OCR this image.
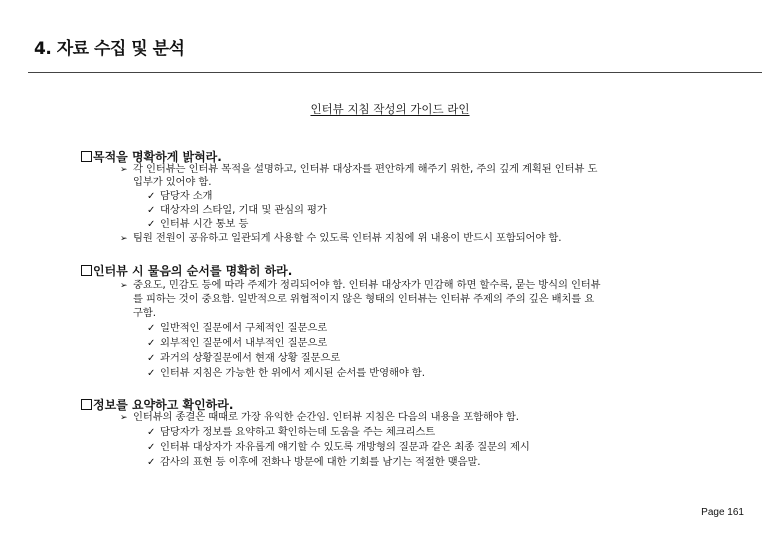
4. 자료 수집 및 분석
인터뷰 지침 작성의 가이드 라인
목적을 명확하게 밝혀라.
➢ 각 인터뷰는 인터뷰 목적을 설명하고, 인터뷰 대상자를 편안하게 해주기 위한, 주의 깊게 계획된 인터뷰 도
입부가 있어야 함.
✓ 담당자 소개
✓ 대상자의 스타일, 기대 및 관심의 평가
✓ 인터뷰 시간 통보 등
➢ 팀원 전원이 공유하고 일관되게 사용할 수 있도록 인터뷰 지침에 위 내용이 반드시 포함되어야 함.
인터뷰 시 물음의 순서를 명확히 하라.
➢ 중요도, 민감도 등에 따라 주제가 정리되어야 함. 인터뷰 대상자가 민감해 하면 할수록, 묻는 방식의 인터뷰
를 피하는 것이 중요함. 일반적으로 위협적이지 않은 형태의 인터뷰는 인터뷰 주제의 주의 깊은 배치를 요
구함.
✓ 일반적인 질문에서 구체적인 질문으로
✓ 외부적인 질문에서 내부적인 질문으로
✓ 과거의 상황질문에서 현재 상황 질문으로
✓ 인터뷰 지침은 가능한 한 위에서 제시된 순서를 반영해야 함.
정보를 요약하고 확인하라.
➢ 인터뷰의 종결은 때때로 가장 유익한 순간임. 인터뷰 지침은 다음의 내용을 포함해야 함.
✓ 담당자가 정보를 요약하고 확인하는데 도움을 주는 체크리스트
✓ 인터뷰 대상자가 자유롭게 얘기할 수 있도록 개방형의 질문과 같은 최종 질문의 제시
✓ 감사의 표현 등 이후에 전화나 방문에 대한 기회를 남기는 적절한 맺음말.
Page 161
